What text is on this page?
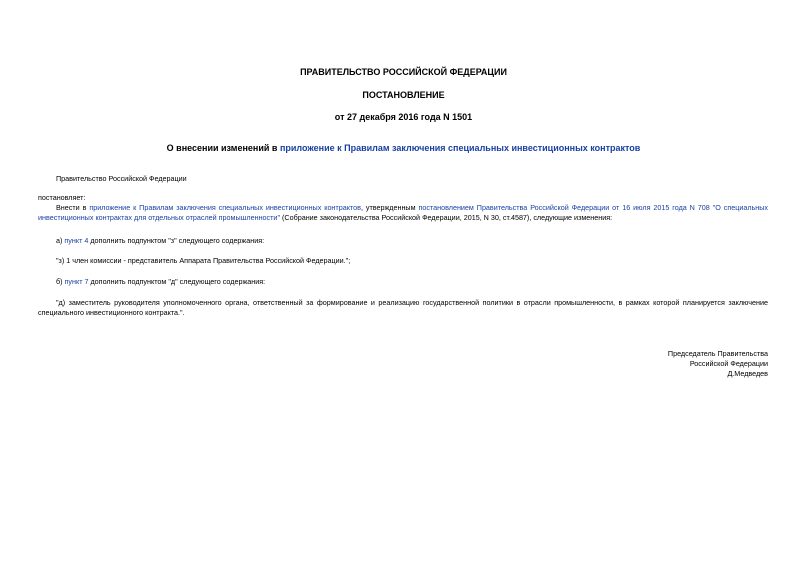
ПРАВИТЕЛЬСТВО РОССИЙСКОЙ ФЕДЕРАЦИИ
ПОСТАНОВЛЕНИЕ
от 27 декабря 2016 года N 1501
О внесении изменений в приложение к Правилам заключения специальных инвестиционных контрактов
Правительство Российской Федерации
постановляет:
Внести в приложение к Правилам заключения специальных инвестиционных контрактов, утвержденным постановлением Правительства Российской Федерации от 16 июля 2015 года N 708 "О специальных
инвестиционных контрактах для отдельных отраслей промышленности" (Собрание законодательства Российской Федерации, 2015, N 30, ст.4587), следующие изменения:
а) пункт 4 дополнить подпунктом "з" следующего содержания:
"з) 1 член комиссии - представитель Аппарата Правительства Российской Федерации.";
б) пункт 7 дополнить подпунктом "д" следующего содержания:
"д) заместитель руководителя уполномоченного органа, ответственный за формирование и реализацию государственной политики в отрасли промышленности, в рамках которой планируется заключение
специального инвестиционного контракта.".
Председатель Правительства
Российской Федерации
Д.Медведев
